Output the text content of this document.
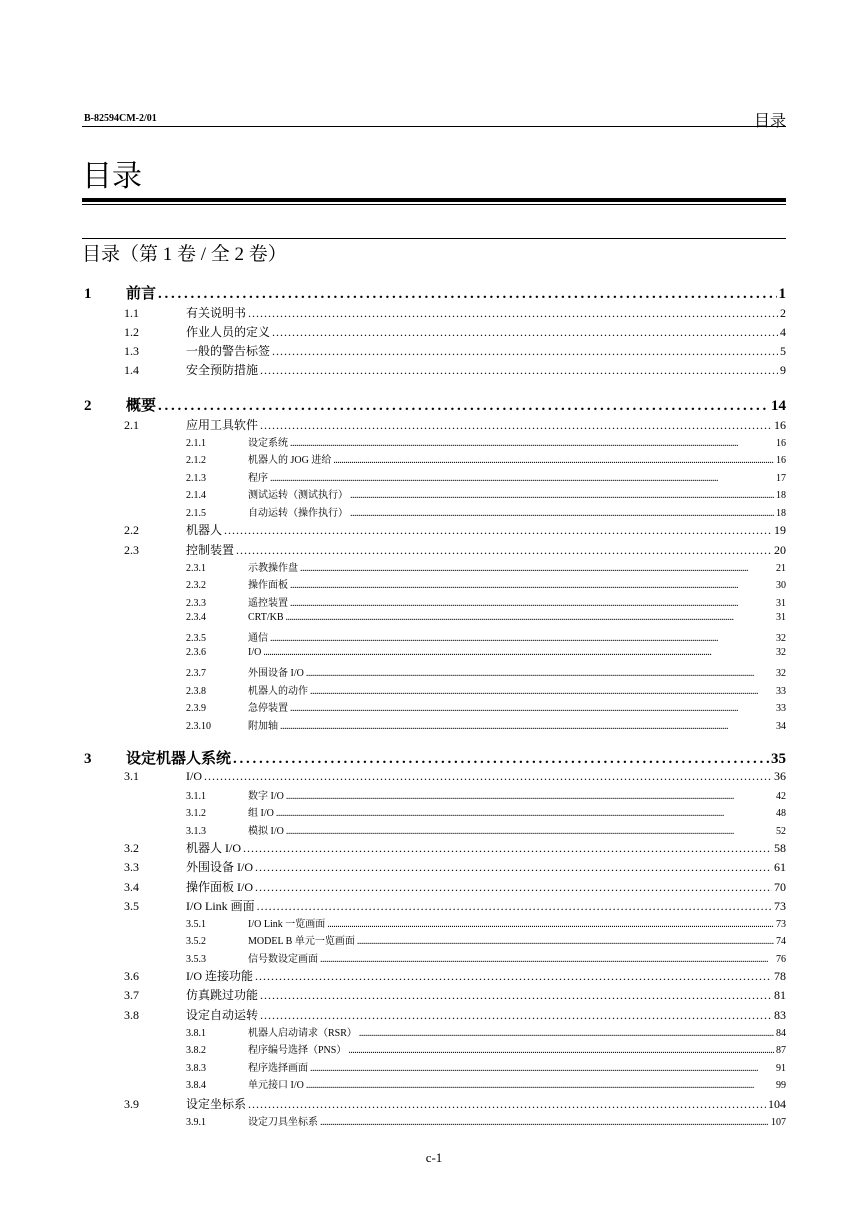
B-82594CM-2/01	目录
目录
目录（第 1 卷 / 全 2 卷）
1	前言 . . .	1
1.1	有关说明书 . . .	2
1.2	作业人员的定义 . . .	4
1.3	一般的警告标签 . . .	5
1.4	安全预防措施 . . .	9
2	概要 . . .	14
2.1	应用工具软件 . . .	16
2.1.1	设定系统 . . .	16
2.1.2	机器人的 JOG 进给 . . .	16
2.1.3	程序 . . .	17
2.1.4	测试运转（测试执行） . . .	18
2.1.5	自动运转（操作执行） . . .	18
2.2	机器人 . . .	19
2.3	控制装置 . . .	20
2.3.1	示教操作盘 . . .	21
2.3.2	操作面板 . . .	30
2.3.3	遥控装置 . . .	31
2.3.4	CRT/KB . . .	31
2.3.5	通信 . . .	32
2.3.6	I/O . . .	32
2.3.7	外围设备 I/O . . .	32
2.3.8	机器人的动作 . . .	33
2.3.9	急停装置 . . .	33
2.3.10	附加轴 . . .	34
3	设定机器人系统 . . .	35
3.1	I/O . . .	36
3.1.1	数字 I/O . . .	42
3.1.2	组 I/O . . .	48
3.1.3	模拟 I/O . . .	52
3.2	机器人 I/O . . .	58
3.3	外围设备 I/O . . .	61
3.4	操作面板 I/O . . .	70
3.5	I/O Link 画面 . . .	73
3.5.1	I/O Link 一览画面 . . .	73
3.5.2	MODEL B 单元一览画面 . . .	74
3.5.3	信号数设定画面 . . .	76
3.6	I/O 连接功能 . . .	78
3.7	仿真跳过功能 . . .	81
3.8	设定自动运转 . . .	83
3.8.1	机器人启动请求（RSR） . . .	84
3.8.2	程序编号选择（PNS） . . .	87
3.8.3	程序选择画面 . . .	91
3.8.4	单元接口 I/O . . .	99
3.9	设定坐标系 . . .	104
3.9.1	设定刀具坐标系 . . .	107
c-1
